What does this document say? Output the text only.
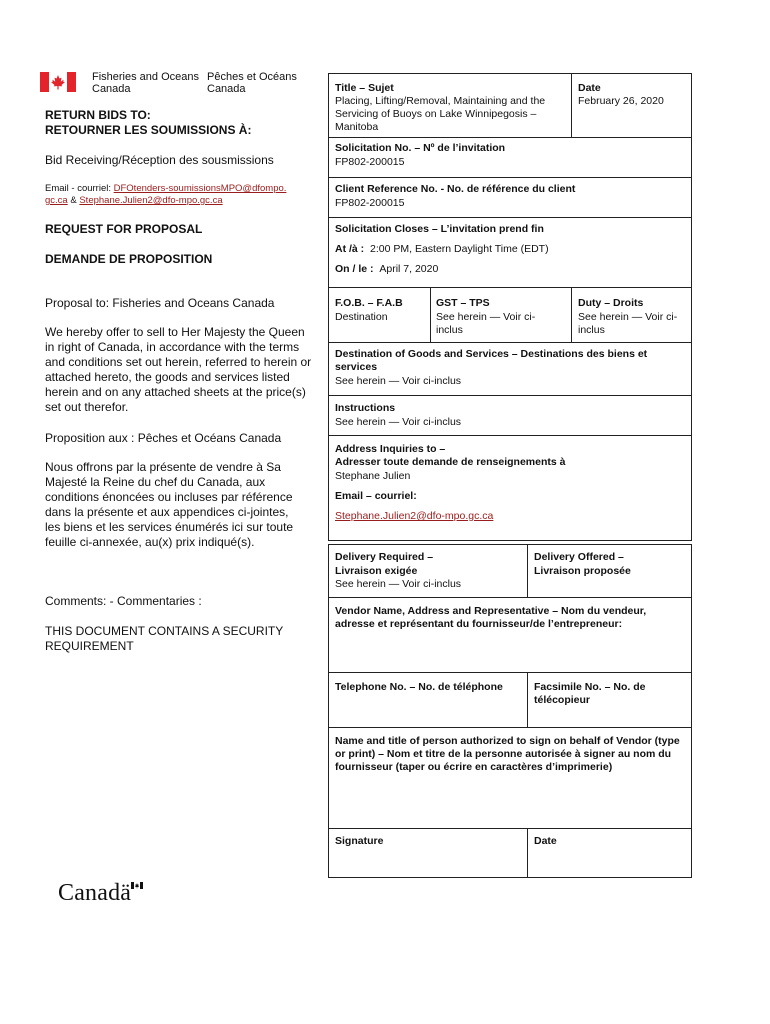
Fisheries and Oceans
Canada
Pêches et Océans
Canada
RETURN BIDS TO:
RETOURNER LES SOUMISSIONS À:
Bid Receiving/Réception des sousmissions
Email - courriel: DFOtenders-soumissionsMPO@dfompo.
gc.ca & Stephane.Julien2@dfo-mpo.gc.ca
REQUEST FOR PROPOSAL
DEMANDE DE PROPOSITION
Proposal to: Fisheries and Oceans Canada
We hereby offer to sell to Her Majesty the Queen in right of Canada, in accordance with the terms and conditions set out herein, referred to herein or attached hereto, the goods and services listed herein and on any attached sheets at the price(s) set out therefor.
Proposition aux : Pêches et Océans Canada
Nous offrons par la présente de vendre à Sa Majesté la Reine du chef du Canada, aux conditions énoncées ou incluses par référence dans la présente et aux appendices ci-jointes, les biens et les services énumérés ici sur toute feuille ci-annexée, au(x) prix indiqué(s).
Comments: - Commentaries :
THIS DOCUMENT CONTAINS A SECURITY
REQUIREMENT
Title – Sujet
Placing, Lifting/Removal, Maintaining and the Servicing of Buoys on Lake Winnipegosis – Manitoba
Date
February 26, 2020
Solicitation No. – Nº de l’invitation
FP802-200015
Client Reference No. - No. de référence du client
FP802-200015
Solicitation Closes – L’invitation prend fin
At /à : 2:00 PM, Eastern Daylight Time (EDT)
On / le : April 7, 2020
F.O.B. – F.A.B
Destination
GST – TPS
See herein — Voir ci-inclus
Duty – Droits
See herein — Voir ci-inclus
Destination of Goods and Services – Destinations des biens et services
See herein — Voir ci-inclus
Instructions
See herein — Voir ci-inclus
Address Inquiries to –
Adresser toute demande de renseignements à
Stephane Julien
Email – courriel:
Stephane.Julien2@dfo-mpo.gc.ca
Delivery Required –
Livraison exigée
See herein — Voir ci-inclus
Delivery Offered –
Livraison proposée
Vendor Name, Address and Representative – Nom du vendeur, adresse et représentant du fournisseur/de l’entrepreneur:
Telephone No. – No. de téléphone	Facsimile No. – No. de télécopieur
Name and title of person authorized to sign on behalf of Vendor (type or print) – Nom et titre de la personne autorisée à signer au nom du fournisseur (taper ou écrire en caractères d’imprimerie)
Signature	Date
Canadä
